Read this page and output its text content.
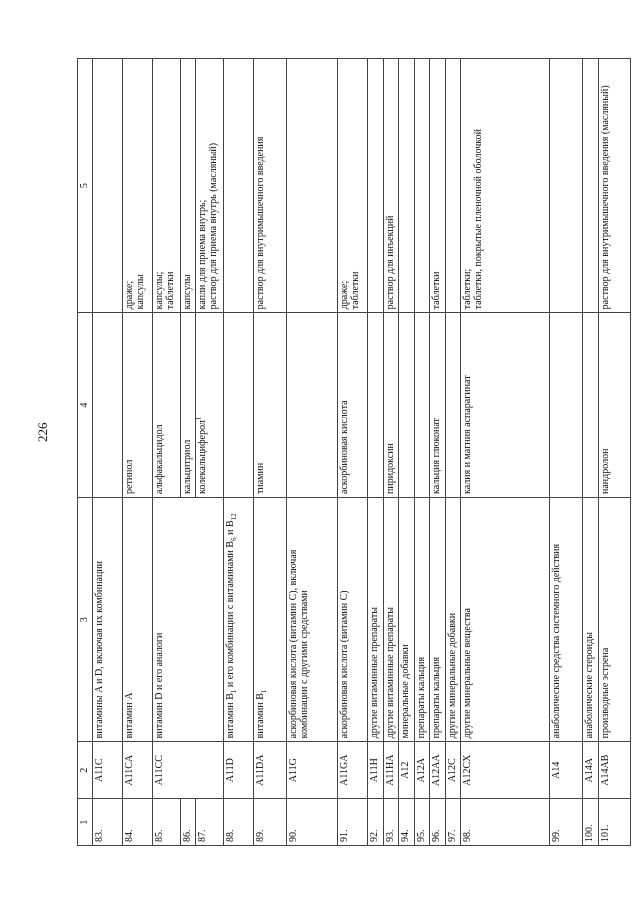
226
1	2	3	4	5
83.	A11C	витамины A и D, включая их комбинации		
84.	A11CA	витамин А	ретинол	драже;
капсулы
85.	A11CC	витамин D и его аналоги	альфакальцидол	капсулы;
таблетки
86.			кальцитриол	капсулы
87.			колекальциферол$^1$	капли для приема внутрь;
раствор для приема внутрь (масляный)
88.	A11D	витамин $B_1$ и его комбинации с витаминами $B_6$ и $B_{12}$		
89.	A11DA	витамин $B_1$	тиамин	раствор для внутримышечного введения
90.	A11G	аскорбиновая кислота (витамин С), включая комбинации с другими средствами		
91.	A11GA	аскорбиновая кислота (витамин С)	аскорбиновая кислота	драже;
таблетки
92.	A11H	другие витаминные препараты		
93.	A11HA	другие витаминные препараты	пиридоксин	раствор для инъекций
94.	A12	минеральные добавки		
95.	A12A	препараты кальция		
96.	A12AA	препараты кальция	кальция глюконат	таблетки
97.	A12C	другие минеральные добавки		
98.	A12CX	другие минеральные вещества	калия и магния аспарагинат	таблетки;
таблетки, покрытые пленочной оболочкой
99.	A14	анаболические средства системного действия		
100.	A14A	анаболические стероиды		
101.	A14AB	производные эстрена	нандролон	раствор для внутримышечного введения (масляный)
